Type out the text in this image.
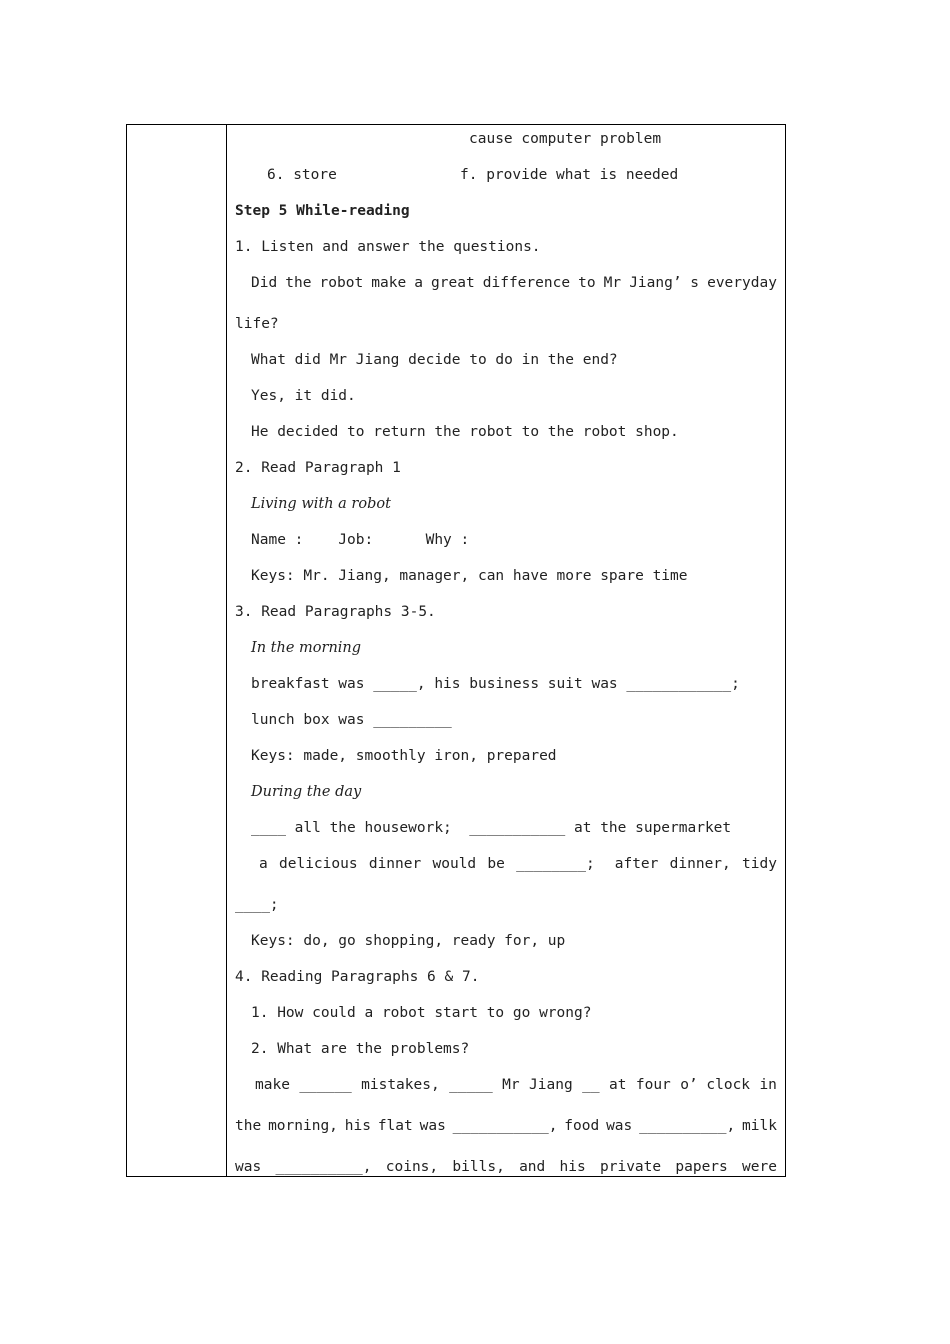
cause computer problem
6. store	f. provide what is needed
Step 5 While-reading
1. Listen and answer the questions.
Did the robot make a great difference to Mr Jiang’ s everyday
life?
What did Mr Jiang decide to do in the end?
Yes, it did.
He decided to return the robot to the robot shop.
2. Read Paragraph 1
Living with a robot
Name :    Job:      Why :
Keys: Mr. Jiang, manager, can have more spare time
3. Read Paragraphs 3-5.
In the morning
breakfast was _____, his business suit was ____________;
lunch box was _________
Keys: made, smoothly iron, prepared
During the day
____ all the housework;  ___________ at the supermarket
a delicious dinner would be ________; after dinner, tidy
____;
Keys: do, go shopping, ready for, up
4. Reading Paragraphs 6 & 7.
1. How could a robot start to go wrong?
2. What are the problems?
make ______ mistakes, _____ Mr Jiang __ at four o’ clock in
the morning, his flat was ___________, food was __________, milk
was __________, coins, bills, and his private papers were
